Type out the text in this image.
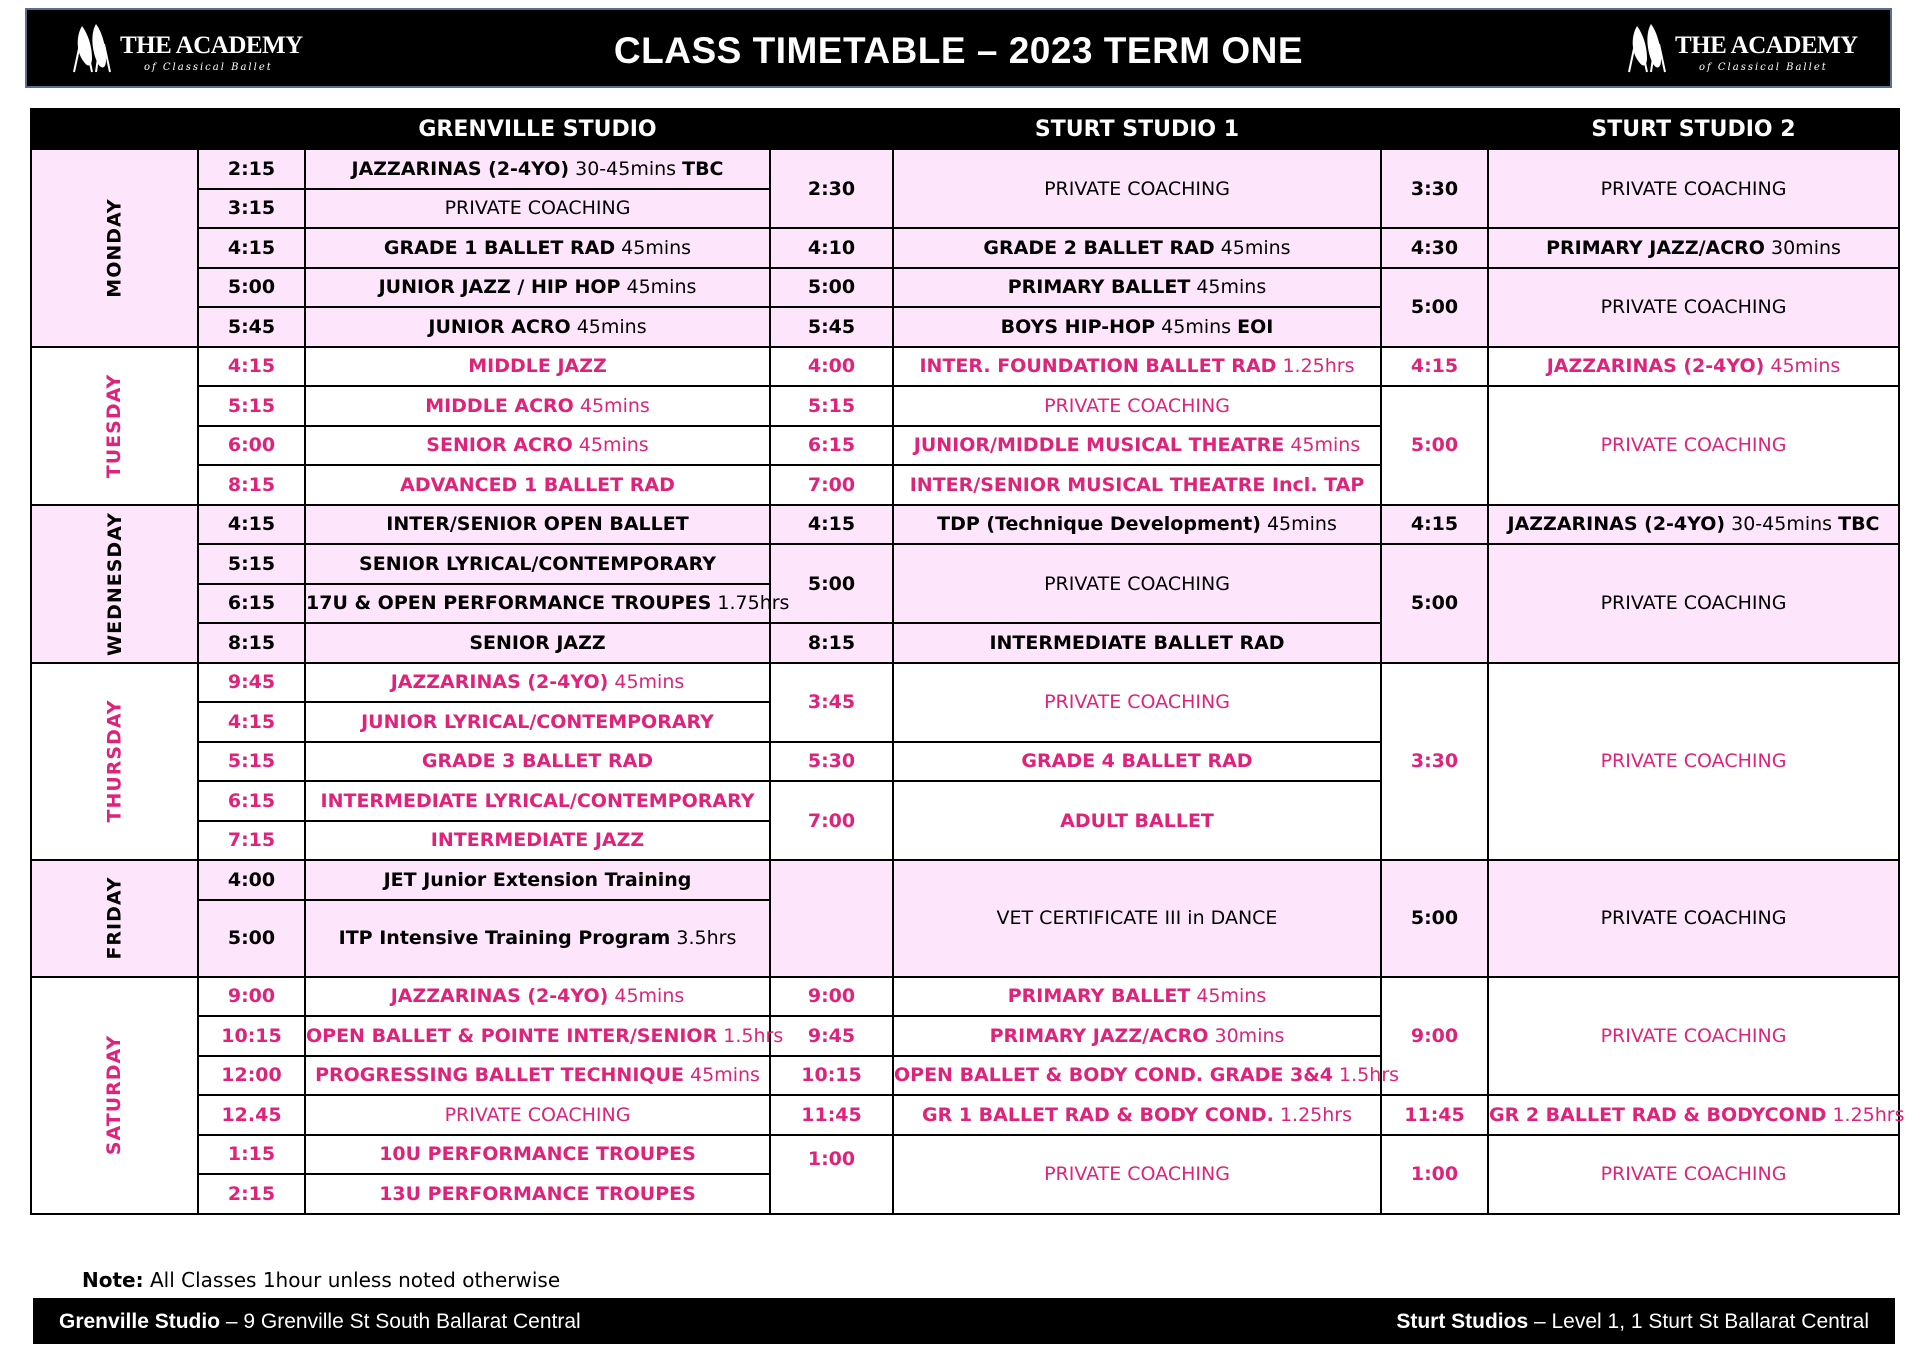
THE ACADEMY
of Classical Ballet	CLASS TIMETABLE – 2023 TERM ONE	THE ACADEMY
of Classical Ballet
		GRENVILLE STUDIO		STURT STUDIO 1		STURT STUDIO 2
MONDAY	2:15	JAZZARINAS (2-4YO) 30-45mins TBC	2:30	PRIVATE COACHING	3:30	PRIVATE COACHING
	3:15	PRIVATE COACHING				
	4:15	GRADE 1 BALLET RAD 45mins	4:10	GRADE 2 BALLET RAD 45mins	4:30	PRIMARY JAZZ/ACRO 30mins
	5:00	JUNIOR JAZZ / HIP HOP 45mins	5:00	PRIMARY BALLET 45mins	5:00	PRIVATE COACHING
	5:45	JUNIOR ACRO 45mins	5:45	BOYS HIP-HOP 45mins EOI		
TUESDAY	4:15	MIDDLE JAZZ	4:00	INTER. FOUNDATION BALLET RAD 1.25hrs	4:15	JAZZARINAS (2-4YO) 45mins
	5:15	MIDDLE ACRO 45mins	5:15	PRIVATE COACHING	5:00	PRIVATE COACHING
	6:00	SENIOR ACRO 45mins	6:15	JUNIOR/MIDDLE MUSICAL THEATRE 45mins		
	8:15	ADVANCED 1 BALLET RAD	7:00	INTER/SENIOR MUSICAL THEATRE Incl. TAP		
WEDNESDAY	4:15	INTER/SENIOR OPEN BALLET	4:15	TDP (Technique Development) 45mins	4:15	JAZZARINAS (2-4YO) 30-45mins TBC
	5:15	SENIOR LYRICAL/CONTEMPORARY	5:00	PRIVATE COACHING	5:00	PRIVATE COACHING
	6:15	17U & OPEN PERFORMANCE TROUPES 1.75hrs				
	8:15	SENIOR JAZZ	8:15	INTERMEDIATE BALLET RAD		
THURSDAY	9:45	JAZZARINAS (2-4YO) 45mins	3:45	PRIVATE COACHING	3:30	PRIVATE COACHING
	4:15	JUNIOR LYRICAL/CONTEMPORARY				
	5:15	GRADE 3 BALLET RAD	5:30	GRADE 4 BALLET RAD		
	6:15	INTERMEDIATE LYRICAL/CONTEMPORARY	7:00	ADULT BALLET		
	7:15	INTERMEDIATE JAZZ				
FRIDAY	4:00	JET Junior Extension Training		VET CERTIFICATE III in DANCE	5:00	PRIVATE COACHING
	5:00	ITP Intensive Training Program 3.5hrs				
SATURDAY	9:00	JAZZARINAS (2-4YO) 45mins	9:00	PRIMARY BALLET 45mins	9:00	PRIVATE COACHING
	10:15	OPEN BALLET & POINTE INTER/SENIOR 1.5hrs	9:45	PRIMARY JAZZ/ACRO 30mins		
	12:00	PROGRESSING BALLET TECHNIQUE 45mins	10:15	OPEN BALLET & BODY COND. GRADE 3&4 1.5hrs		
	12.45	PRIVATE COACHING	11:45	GR 1 BALLET RAD & BODY COND. 1.25hrs	11:45	GR 2 BALLET RAD & BODYCOND 1.25hrs
	1:15	10U PERFORMANCE TROUPES	1:00	PRIVATE COACHING	1:00	PRIVATE COACHING
	2:15	13U PERFORMANCE TROUPES				
Note: All Classes 1hour unless noted otherwise
Grenville Studio – 9 Grenville St South Ballarat Central	Sturt Studios – Level 1, 1 Sturt St Ballarat Central
